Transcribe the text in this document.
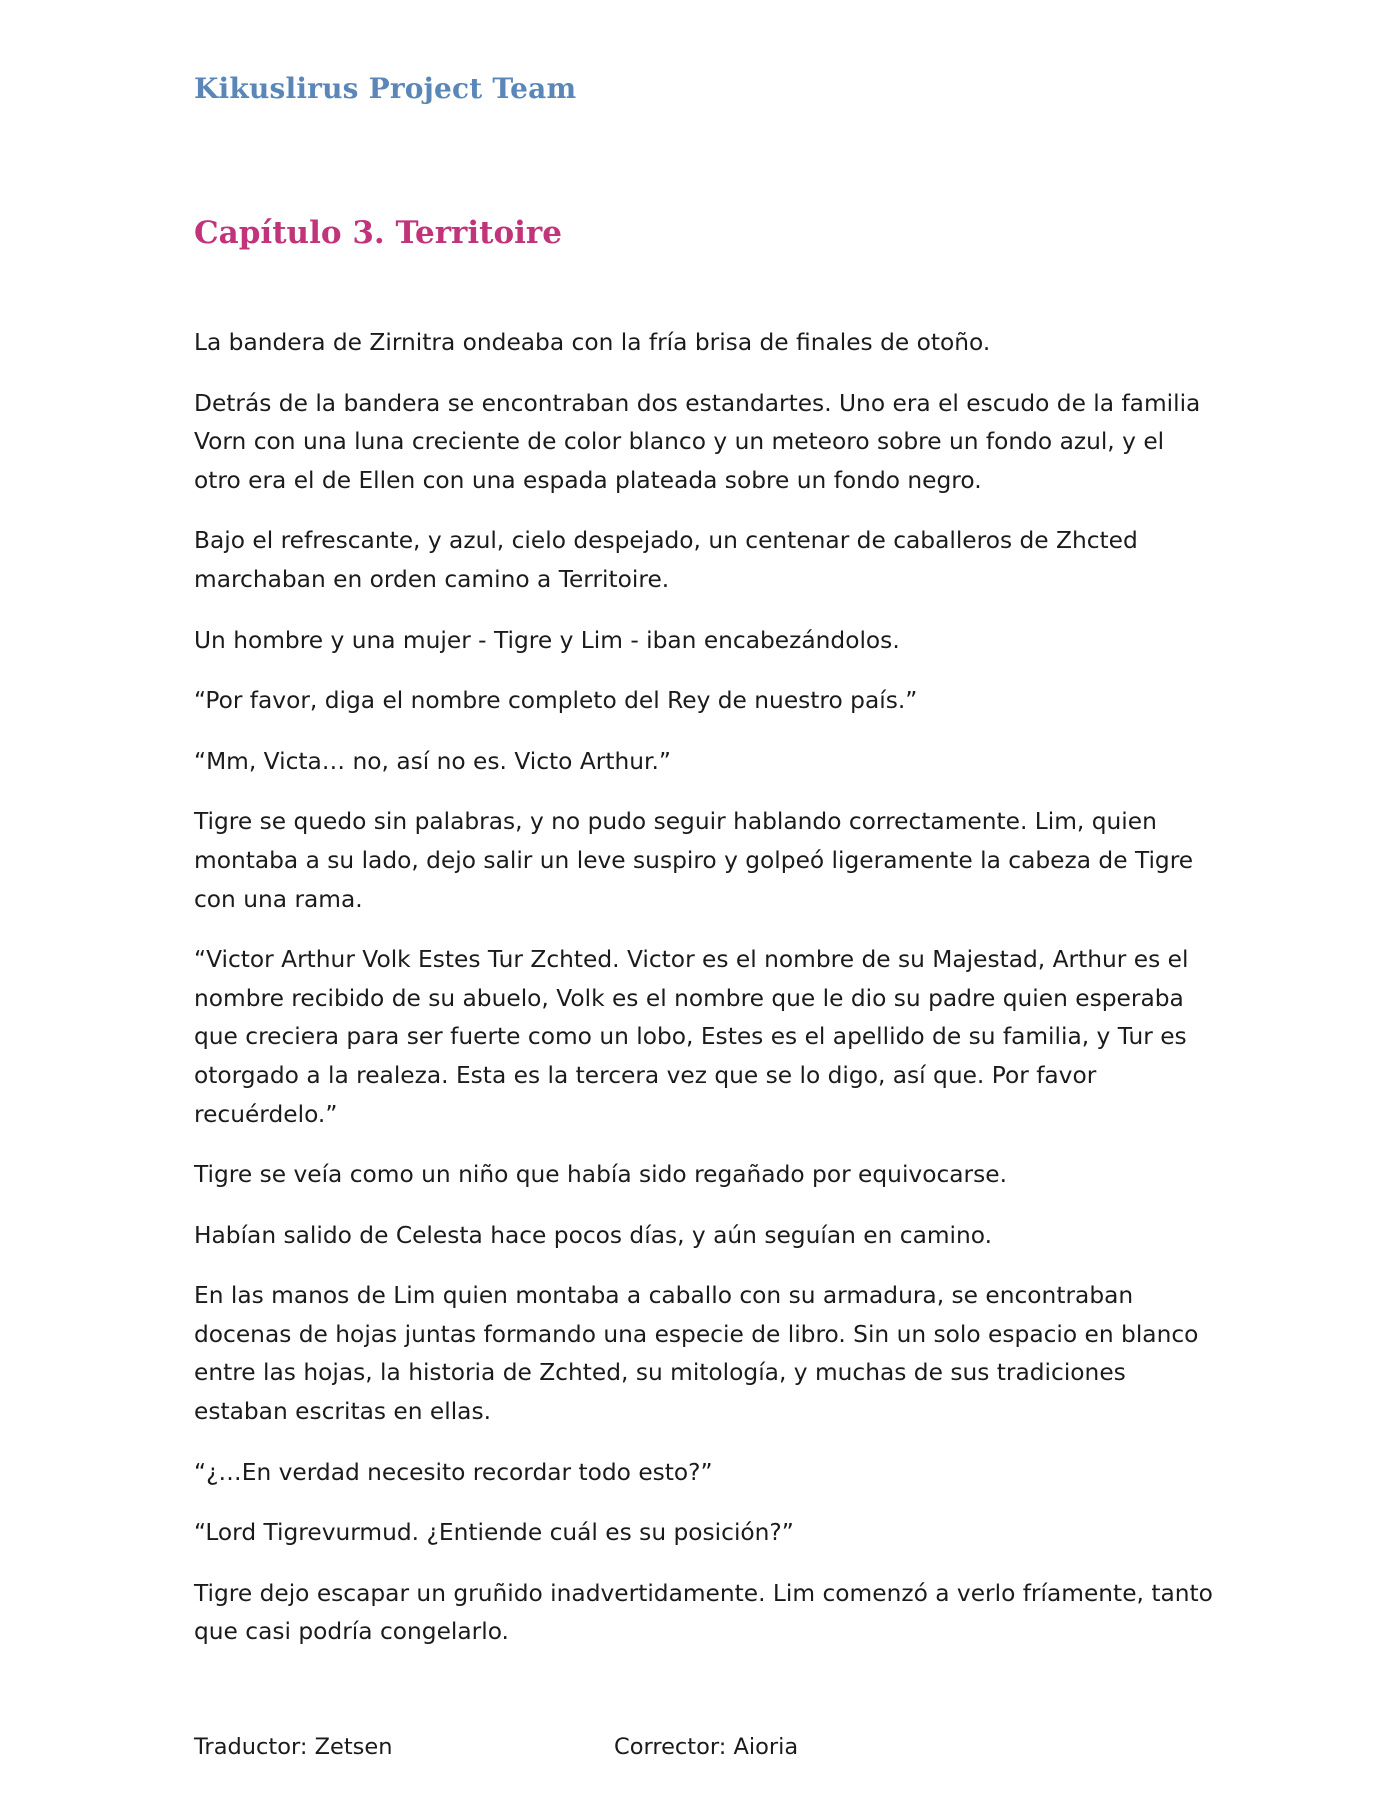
Kikuslirus Project Team
Capítulo 3. Territoire

La bandera de Zirnitra ondeaba con la fría brisa de finales de otoño.

Detrás de la bandera se encontraban dos estandartes. Uno era el escudo de la familia Vorn con una luna creciente de color blanco y un meteoro sobre un fondo azul, y el otro era el de Ellen con una espada plateada sobre un fondo negro.

Bajo el refrescante, y azul, cielo despejado, un centenar de caballeros de Zhcted marchaban en orden camino a Territoire.

Un hombre y una mujer - Tigre y Lim - iban encabezándolos.

“Por favor, diga el nombre completo del Rey de nuestro país.”

“Mm, Victa… no, así no es. Victo Arthur.”

Tigre se quedo sin palabras, y no pudo seguir hablando correctamente. Lim, quien montaba a su lado, dejo salir un leve suspiro y golpeó ligeramente la cabeza de Tigre con una rama.

“Victor Arthur Volk Estes Tur Zchted. Victor es el nombre de su Majestad, Arthur es el nombre recibido de su abuelo, Volk es el nombre que le dio su padre quien esperaba que creciera para ser fuerte como un lobo, Estes es el apellido de su familia, y Tur es otorgado a la realeza. Esta es la tercera vez que se lo digo, así que. Por favor recuérdelo.”

Tigre se veía como un niño que había sido regañado por equivocarse.

Habían salido de Celesta hace pocos días, y aún seguían en camino.

En las manos de Lim quien montaba a caballo con su armadura, se encontraban docenas de hojas juntas formando una especie de libro. Sin un solo espacio en blanco entre las hojas, la historia de Zchted, su mitología, y muchas de sus tradiciones estaban escritas en ellas.

“¿…En verdad necesito recordar todo esto?”

“Lord Tigrevurmud. ¿Entiende cuál es su posición?”

Tigre dejo escapar un gruñido inadvertidamente. Lim comenzó a verlo fríamente, tanto que casi podría congelarlo.

Traductor: Zetsen	Corrector: Aioria
